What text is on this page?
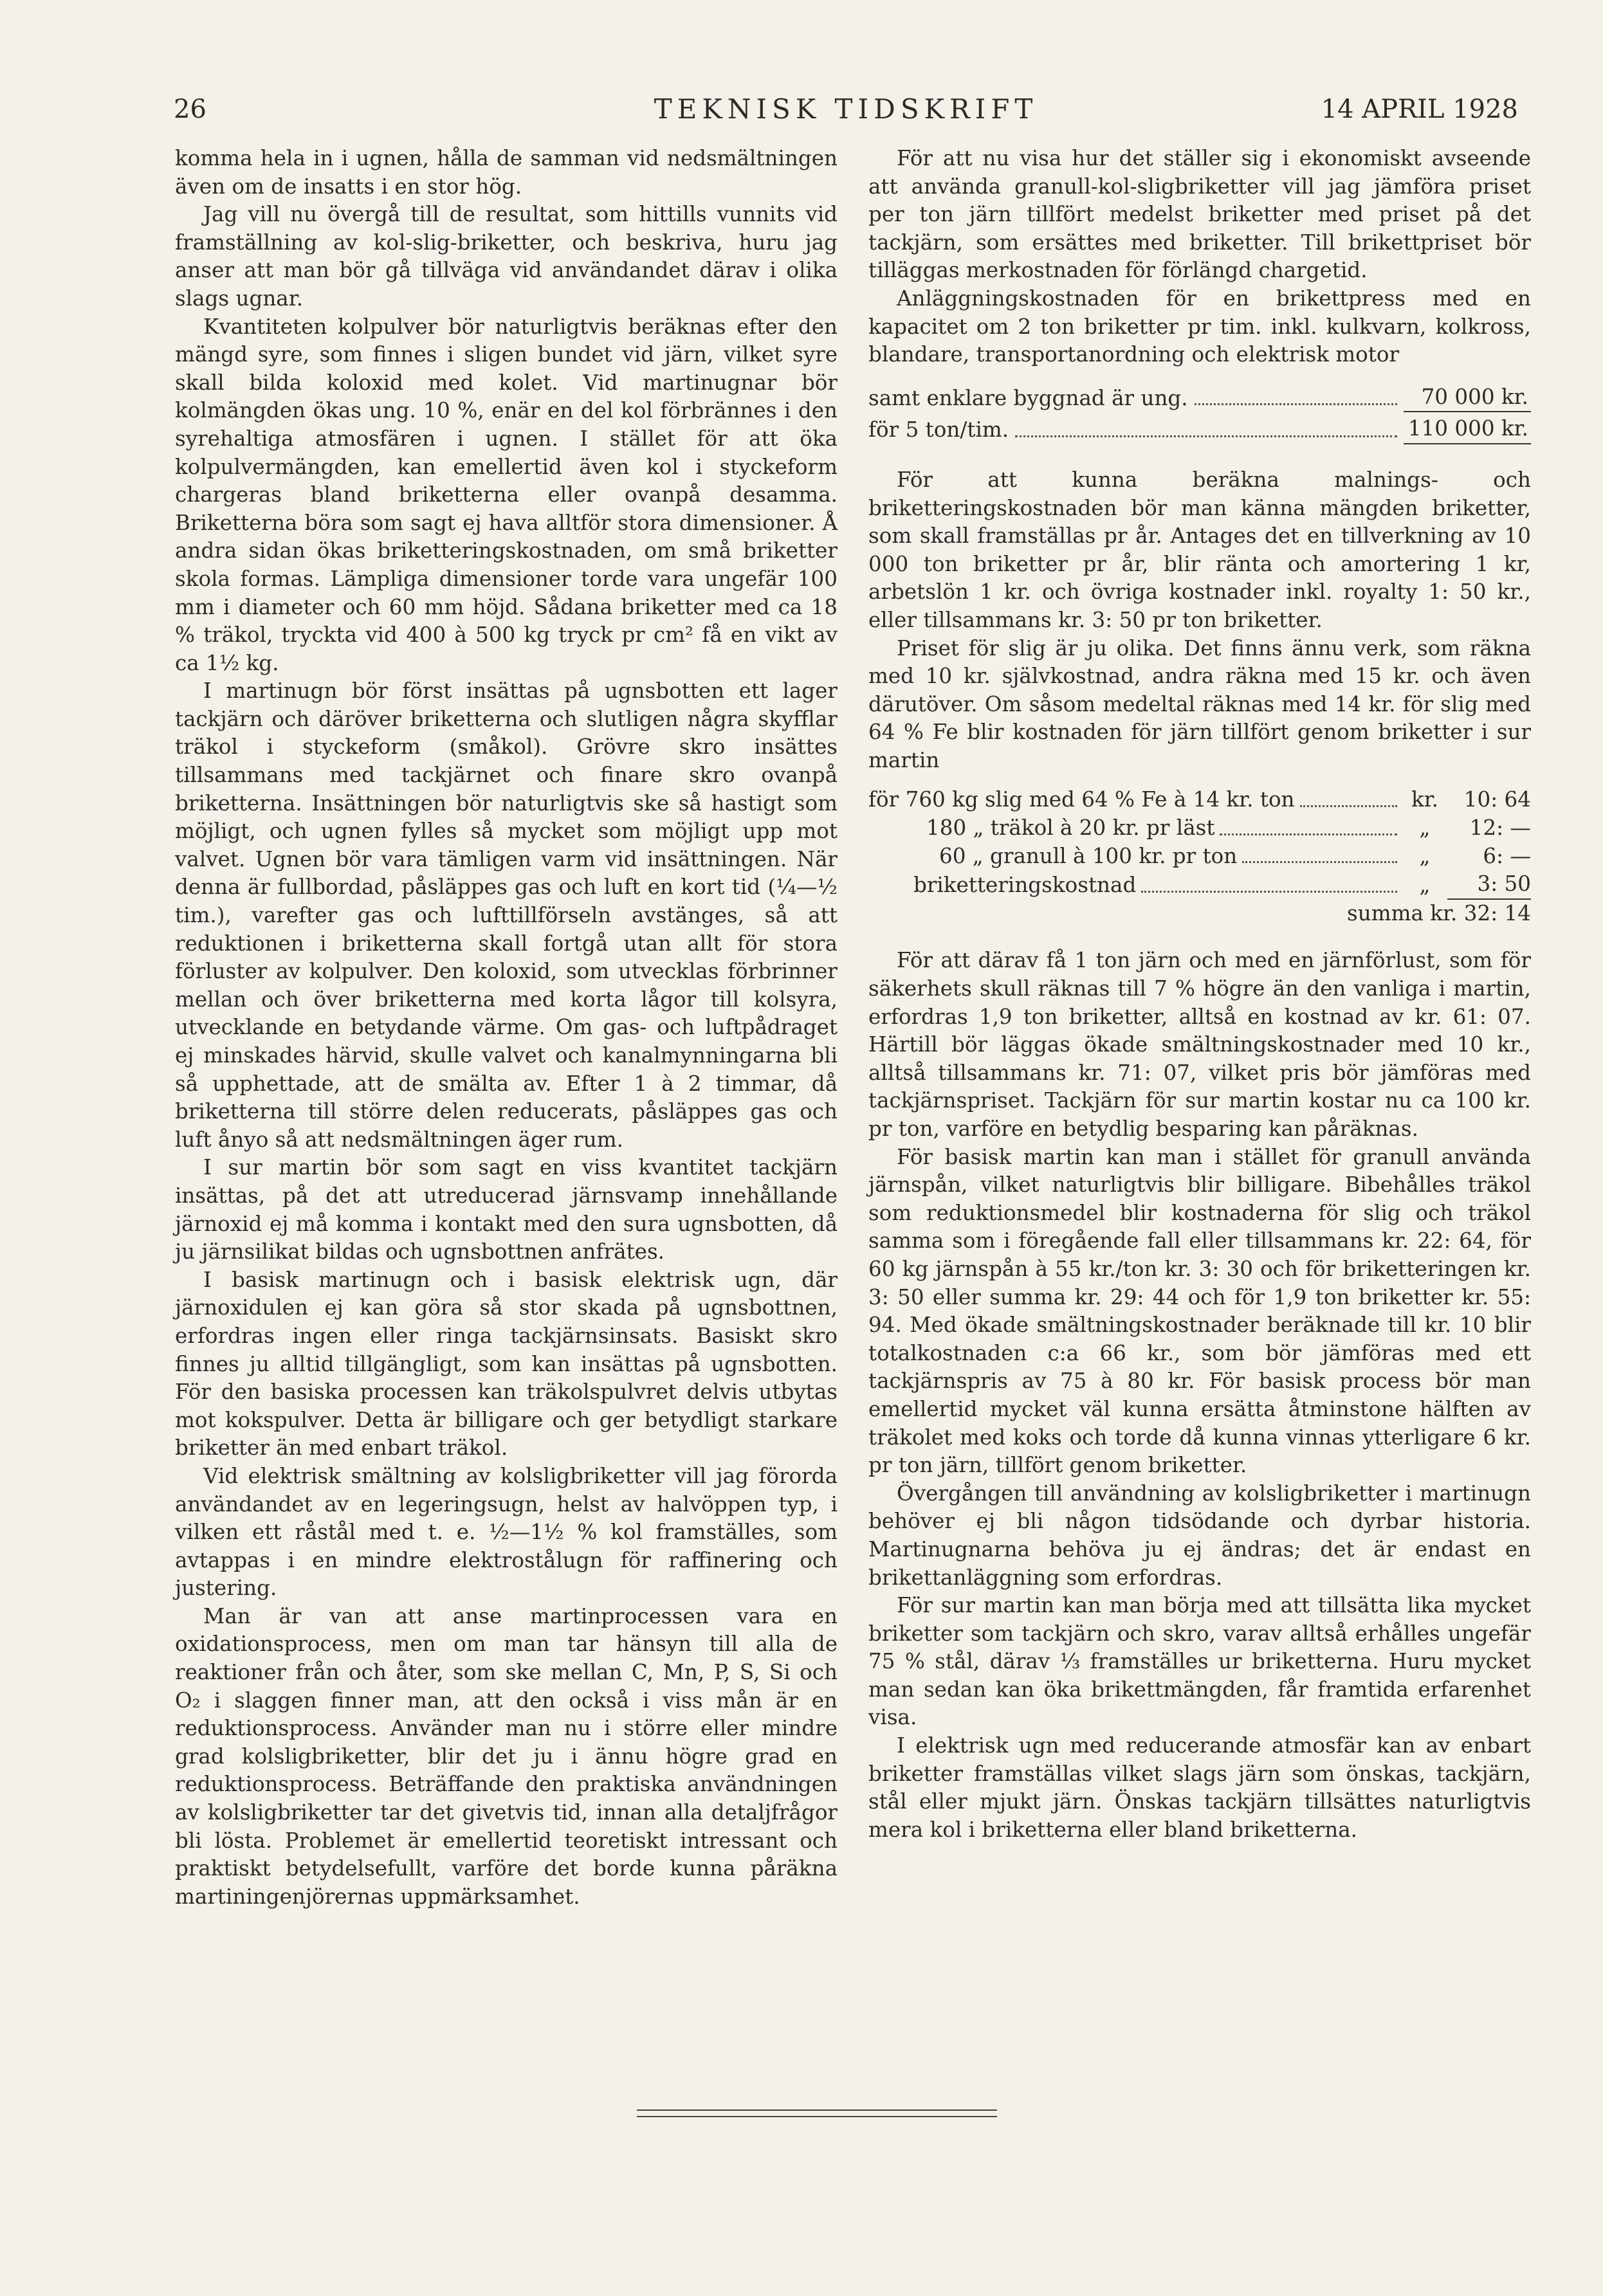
26	TEKNISK TIDSKRIFT	14 APRIL 1928

komma hela in i ugnen, hålla de samman vid nedsmältningen även om de insatts i en stor hög.

Jag vill nu övergå till de resultat, som hittills vunnits vid framställning av kol-slig-briketter, och beskriva, huru jag anser att man bör gå tillväga vid användandet därav i olika slags ugnar.

Kvantiteten kolpulver bör naturligtvis beräknas efter den mängd syre, som finnes i sligen bundet vid järn, vilket syre skall bilda koloxid med kolet. Vid martinugnar bör kolmängden ökas ung. 10 %, enär en del kol förbrännes i den syrehaltiga atmosfären i ugnen. I stället för att öka kolpulvermängden, kan emellertid även kol i styckeform chargeras bland briketterna eller ovanpå desamma. Briketterna böra som sagt ej hava alltför stora dimensioner. Å andra sidan ökas briketteringskostnaden, om små briketter skola formas. Lämpliga dimensioner torde vara ungefär 100 mm i diameter och 60 mm höjd. Sådana briketter med ca 18 % träkol, tryckta vid 400 à 500 kg tryck pr cm² få en vikt av ca 1½ kg.

I martinugn bör först insättas på ugnsbotten ett lager tackjärn och däröver briketterna och slutligen några skyfflar träkol i styckeform (småkol). Grövre skro insättes tillsammans med tackjärnet och finare skro ovanpå briketterna. Insättningen bör naturligtvis ske så hastigt som möjligt, och ugnen fylles så mycket som möjligt upp mot valvet. Ugnen bör vara tämligen varm vid insättningen. När denna är fullbordad, påsläppes gas och luft en kort tid (¼—½ tim.), varefter gas och lufttillförseln avstänges, så att reduktionen i briketterna skall fortgå utan allt för stora förluster av kolpulver. Den koloxid, som utvecklas förbrinner mellan och över briketterna med korta lågor till kolsyra, utvecklande en betydande värme. Om gas- och luftpådraget ej minskades härvid, skulle valvet och kanalmynningarna bli så upphettade, att de smälta av. Efter 1 à 2 timmar, då briketterna till större delen reducerats, påsläppes gas och luft ånyo så att nedsmältningen äger rum.

I sur martin bör som sagt en viss kvantitet tackjärn insättas, på det att utreducerad järnsvamp innehållande järnoxid ej må komma i kontakt med den sura ugnsbotten, då ju järnsilikat bildas och ugnsbottnen anfrätes.

I basisk martinugn och i basisk elektrisk ugn, där järnoxidulen ej kan göra så stor skada på ugnsbottnen, erfordras ingen eller ringa tackjärnsinsats. Basiskt skro finnes ju alltid tillgängligt, som kan insättas på ugnsbotten. För den basiska processen kan träkolspulvret delvis utbytas mot kokspulver. Detta är billigare och ger betydligt starkare briketter än med enbart träkol.

Vid elektrisk smältning av kolsligbriketter vill jag förorda användandet av en legeringsugn, helst av halvöppen typ, i vilken ett råstål med t. e. ½—1½ % kol framställes, som avtappas i en mindre elektrostålugn för raffinering och justering.

Man är van att anse martinprocessen vara en oxidationsprocess, men om man tar hänsyn till alla de reaktioner från och åter, som ske mellan C, Mn, P, S, Si och O₂ i slaggen finner man, att den också i viss mån är en reduktionsprocess. Använder man nu i större eller mindre grad kolsligbriketter, blir det ju i ännu högre grad en reduktionsprocess. Beträffande den praktiska användningen av kolsligbriketter tar det givetvis tid, innan alla detaljfrågor bli lösta. Problemet är emellertid teoretiskt intressant och praktiskt betydelsefullt, varföre det borde kunna påräkna martiningenjörernas uppmärksamhet.

För att nu visa hur det ställer sig i ekonomiskt avseende att använda granull-kol-sligbriketter vill jag jämföra priset per ton järn tillfört medelst briketter med priset på det tackjärn, som ersättes med briketter. Till brikettpriset bör tilläggas merkostnaden för förlängd chargetid.

Anläggningskostnaden för en brikettpress med en kapacitet om 2 ton briketter pr tim. inkl. kulkvarn, kolkross, blandare, transportanordning och elektrisk motor

samt enklare byggnad är ung.	70 000 kr.
för 5 ton/tim.	110 000 kr.

För att kunna beräkna malnings- och briketteringskostnaden bör man känna mängden briketter, som skall framställas pr år. Antages det en tillverkning av 10 000 ton briketter pr år, blir ränta och amortering 1 kr, arbetslön 1 kr. och övriga kostnader inkl. royalty 1: 50 kr., eller tillsammans kr. 3: 50 pr ton briketter.

Priset för slig är ju olika. Det finns ännu verk, som räkna med 10 kr. självkostnad, andra räkna med 15 kr. och även därutöver. Om såsom medeltal räknas med 14 kr. för slig med 64 % Fe blir kostnaden för järn tillfört genom briketter i sur martin

för 760 kg slig med 64 % Fe à 14 kr. ton	kr.	10: 64
180 „ träkol à 20 kr. pr läst	„	12: —
60 „ granull à 100 kr. pr ton	„	6: —
briketteringskostnad	„	3: 50
summa kr. 32: 14

För att därav få 1 ton järn och med en järnförlust, som för säkerhets skull räknas till 7 % högre än den vanliga i martin, erfordras 1,9 ton briketter, alltså en kostnad av kr. 61: 07. Härtill bör läggas ökade smältningskostnader med 10 kr., alltså tillsammans kr. 71: 07, vilket pris bör jämföras med tackjärnspriset. Tackjärn för sur martin kostar nu ca 100 kr. pr ton, varföre en betydlig besparing kan påräknas.

För basisk martin kan man i stället för granull använda järnspån, vilket naturligtvis blir billigare. Bibehålles träkol som reduktionsmedel blir kostnaderna för slig och träkol samma som i föregående fall eller tillsammans kr. 22: 64, för 60 kg järnspån à 55 kr./ton kr. 3: 30 och för briketteringen kr. 3: 50 eller summa kr. 29: 44 och för 1,9 ton briketter kr. 55: 94. Med ökade smältningskostnader beräknade till kr. 10 blir totalkostnaden c:a 66 kr., som bör jämföras med ett tackjärnspris av 75 à 80 kr. För basisk process bör man emellertid mycket väl kunna ersätta åtminstone hälften av träkolet med koks och torde då kunna vinnas ytterligare 6 kr. pr ton järn, tillfört genom briketter.

Övergången till användning av kolsligbriketter i martinugn behöver ej bli någon tidsödande och dyrbar historia. Martinugnarna behöva ju ej ändras; det är endast en brikettanläggning som erfordras.

För sur martin kan man börja med att tillsätta lika mycket briketter som tackjärn och skro, varav alltså erhålles ungefär 75 % stål, därav ⅓ framställes ur briketterna. Huru mycket man sedan kan öka brikettmängden, får framtida erfarenhet visa.

I elektrisk ugn med reducerande atmosfär kan av enbart briketter framställas vilket slags järn som önskas, tackjärn, stål eller mjukt järn. Önskas tackjärn tillsättes naturligtvis mera kol i briketterna eller bland briketterna.
